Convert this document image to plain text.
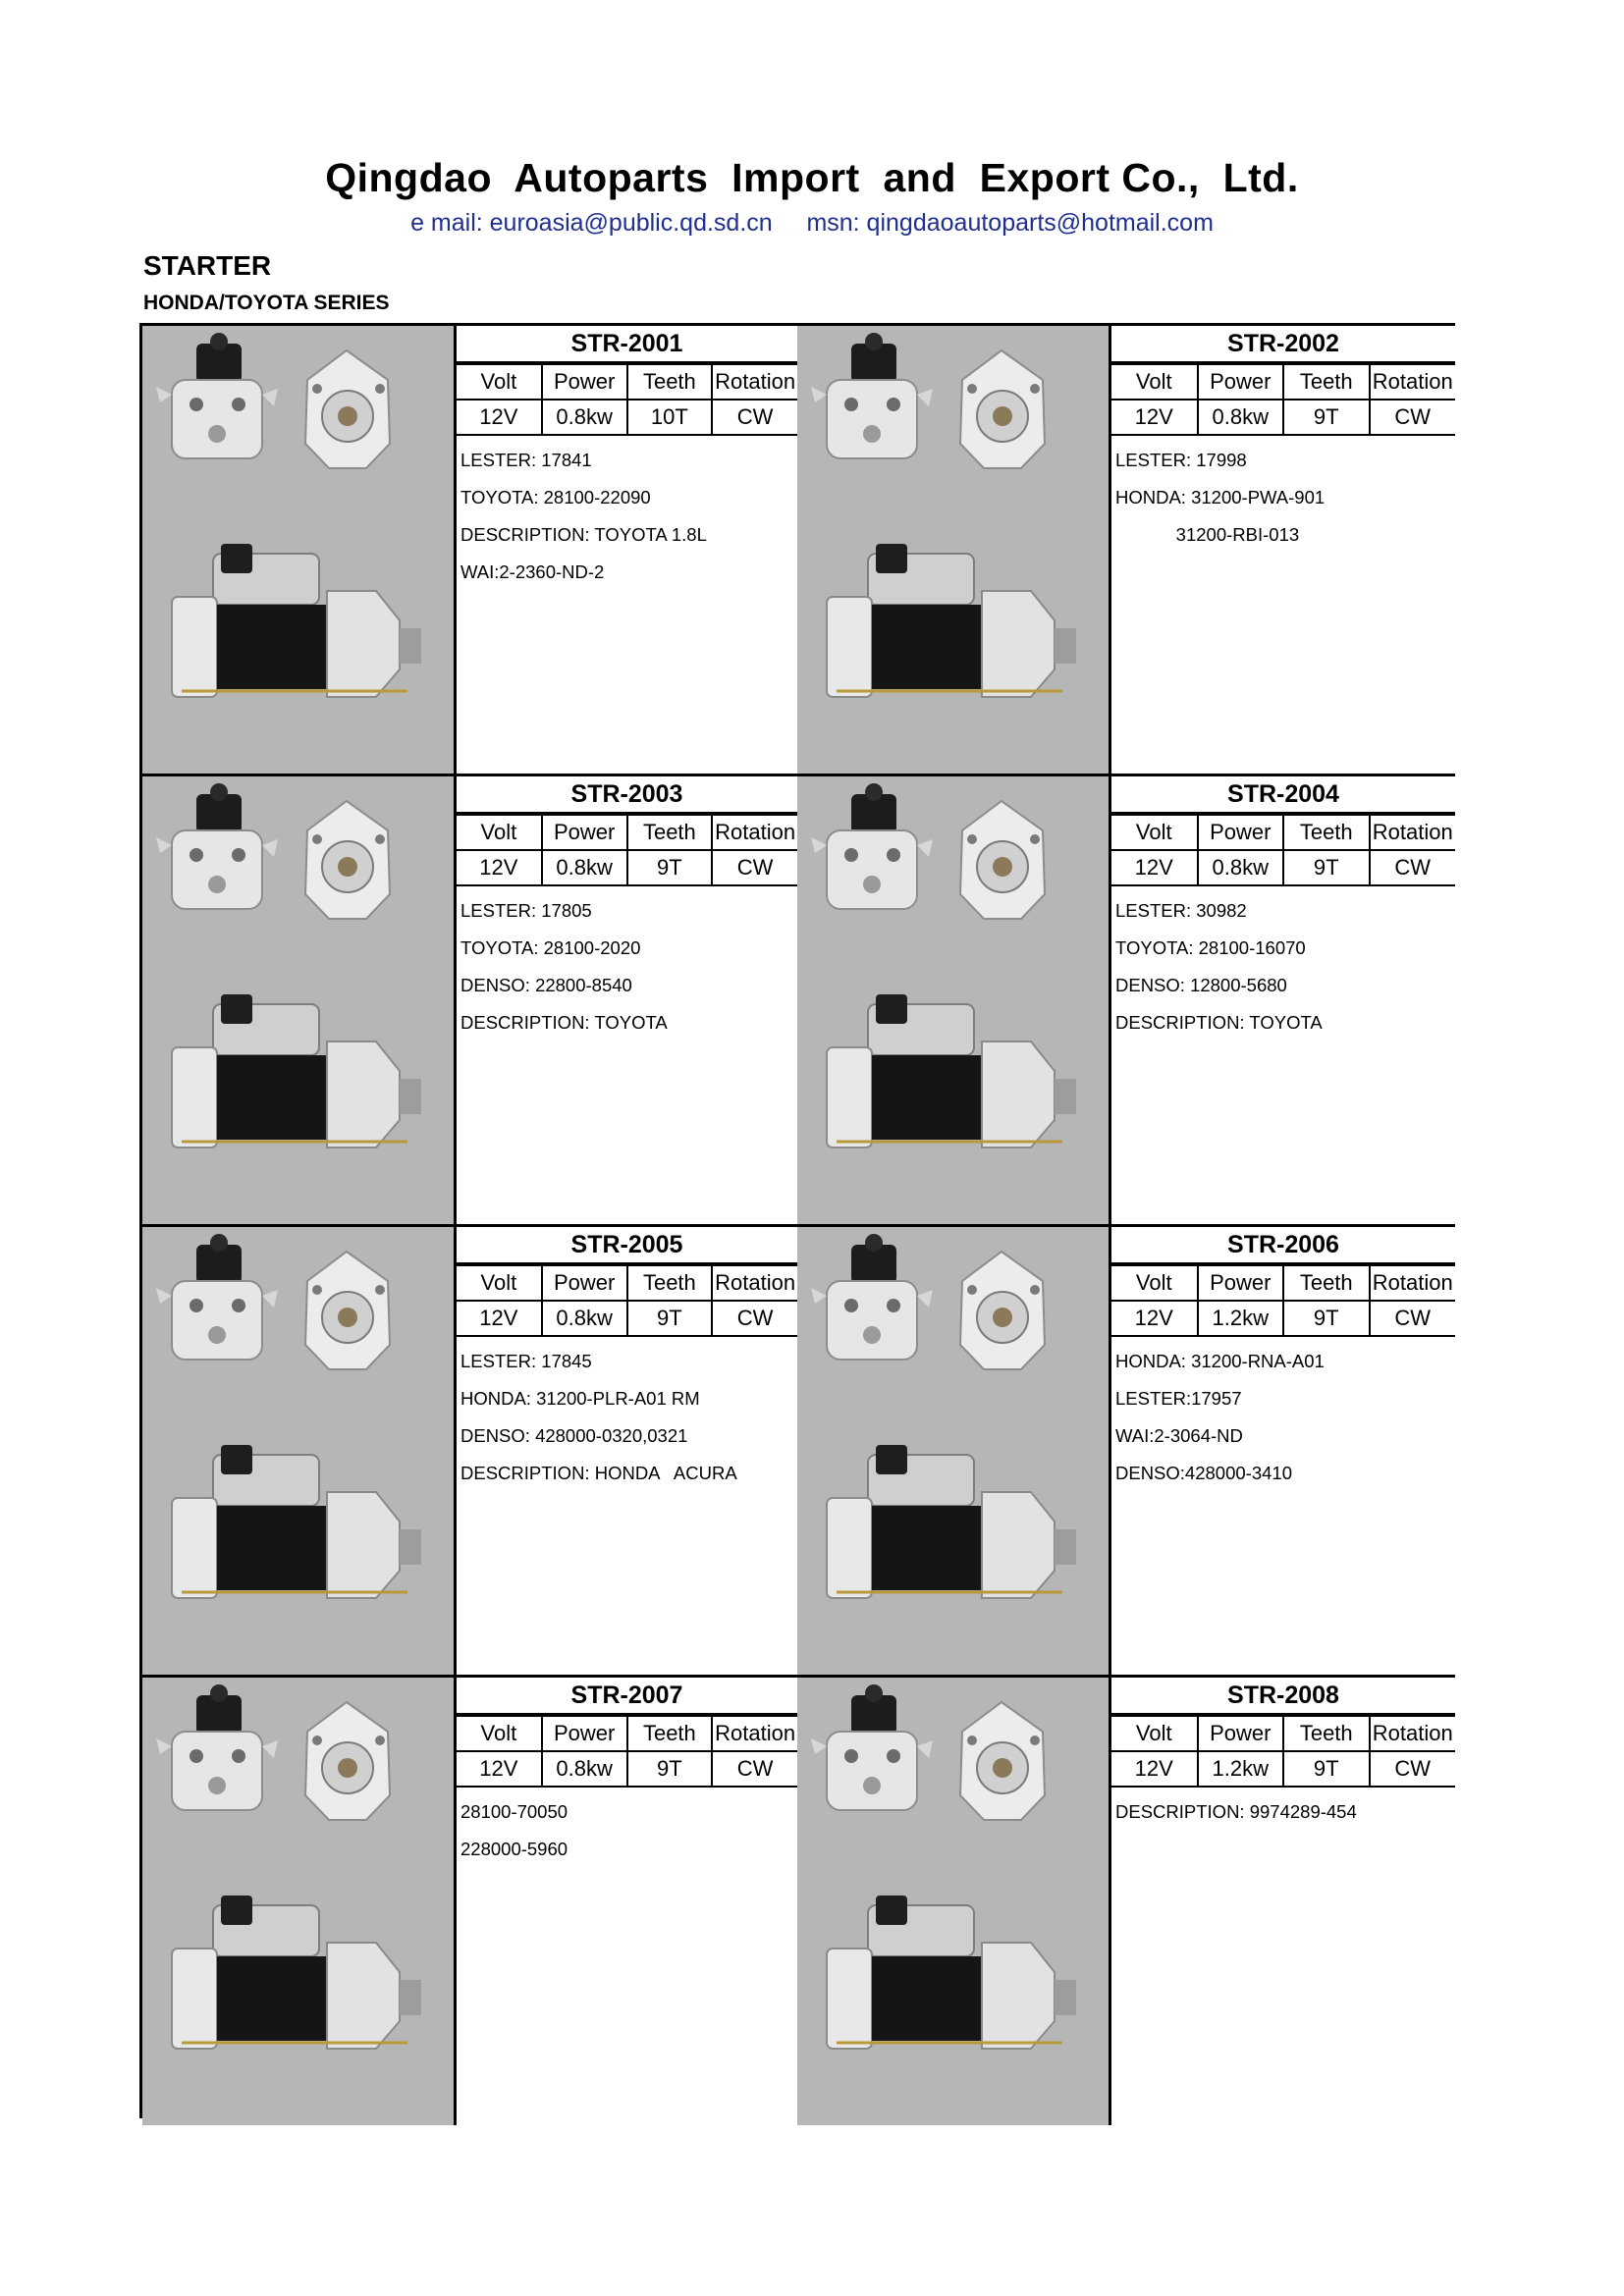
Qingdao  Autoparts  Import  and  Export Co.,  Ltd.
e mail: euroasia@public.qd.sd.cn msn: qingdaoautoparts@hotmail.com
STARTER
HONDA/TOYOTA SERIES
STR-2001
Volt	Power	Teeth	Rotation
12V	0.8kw	10T	CW
LESTER: 17841
TOYOTA: 28100-22090
DESCRIPTION: TOYOTA 1.8L
WAI:2-2360-ND-2
STR-2002
Volt	Power	Teeth	Rotation
12V	0.8kw	9T	CW
LESTER: 17998
HONDA: 31200-PWA-901
31200-RBI-013
STR-2003
Volt	Power	Teeth	Rotation
12V	0.8kw	9T	CW
LESTER: 17805
TOYOTA: 28100-2020
DENSO: 22800-8540
DESCRIPTION: TOYOTA
STR-2004
Volt	Power	Teeth	Rotation
12V	0.8kw	9T	CW
LESTER: 30982
TOYOTA: 28100-16070
DENSO: 12800-5680
DESCRIPTION: TOYOTA
STR-2005
Volt	Power	Teeth	Rotation
12V	0.8kw	9T	CW
LESTER: 17845
HONDA: 31200-PLR-A01 RM
DENSO: 428000-0320,0321
DESCRIPTION: HONDA   ACURA
STR-2006
Volt	Power	Teeth	Rotation
12V	1.2kw	9T	CW
HONDA: 31200-RNA-A01
LESTER:17957
WAI:2-3064-ND
DENSO:428000-3410
STR-2007
Volt	Power	Teeth	Rotation
12V	0.8kw	9T	CW
28100-70050
228000-5960
STR-2008
Volt	Power	Teeth	Rotation
12V	1.2kw	9T	CW
DESCRIPTION: 9974289-454
